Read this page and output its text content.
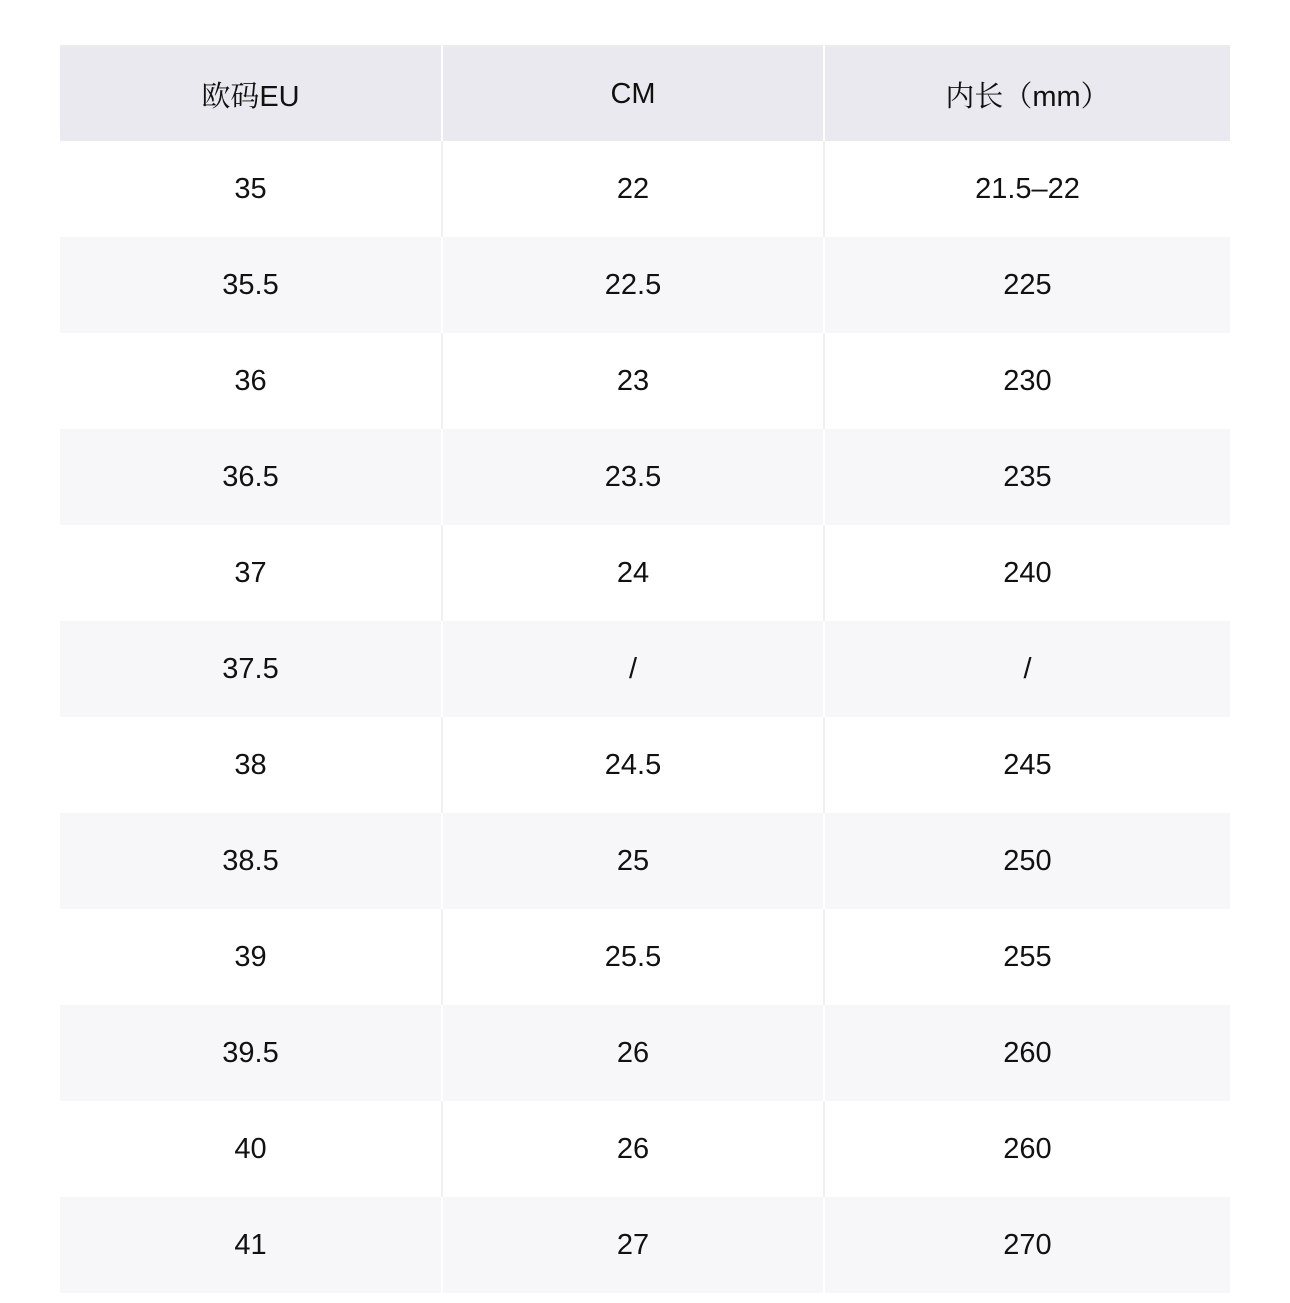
欧码EU	CM	内长（mm）
35	22	21.5–22
35.5	22.5	225
36	23	230
36.5	23.5	235
37	24	240
37.5	/	/
38	24.5	245
38.5	25	250
39	25.5	255
39.5	26	260
40	26	260
41	27	270
